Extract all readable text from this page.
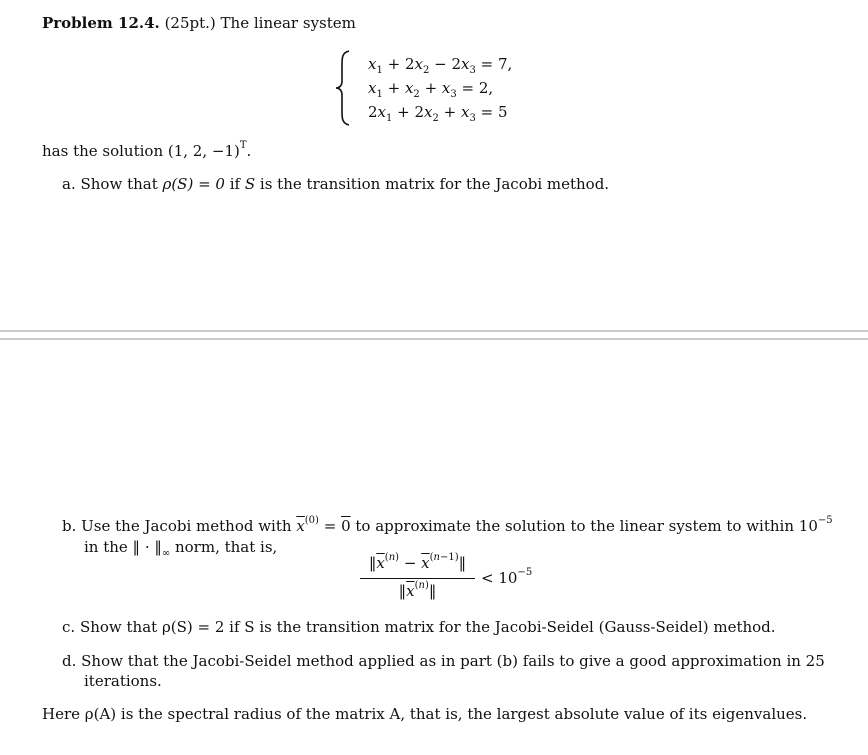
Problem 12.4. (25pt.) The linear system
$x_1 + 2x_2 - 2x_3 = 7$,
$x_1 + x_2 + x_3 = 2$,
$2x_1 + 2x_2 + x_3 = 5$
has the solution (1, 2, −1)$^T$.
a. Show that ρ(S) = 0 if S is the transition matrix for the Jacobi method.
b. Use the Jacobi method with $\overline{x}^{(0)} = 0$ to approximate the solution to the linear system to within $10^{-5}$
in the ‖ · $‖_\infty$ norm, that is,
$‖\overline{x}^{(n)}$ − $\overline{x}^{(n-1)}‖$
$‖\overline{x}^{(n)}‖$
< $10^{-5}$
c. Show that ρ(S) = 2 if S is the transition matrix for the Jacobi-Seidel (Gauss-Seidel) method.
d. Show that the Jacobi-Seidel method applied as in part (b) fails to give a good approximation in 25
iterations.
Here ρ(A) is the spectral radius of the matrix A, that is, the largest absolute value of its eigenvalues.
